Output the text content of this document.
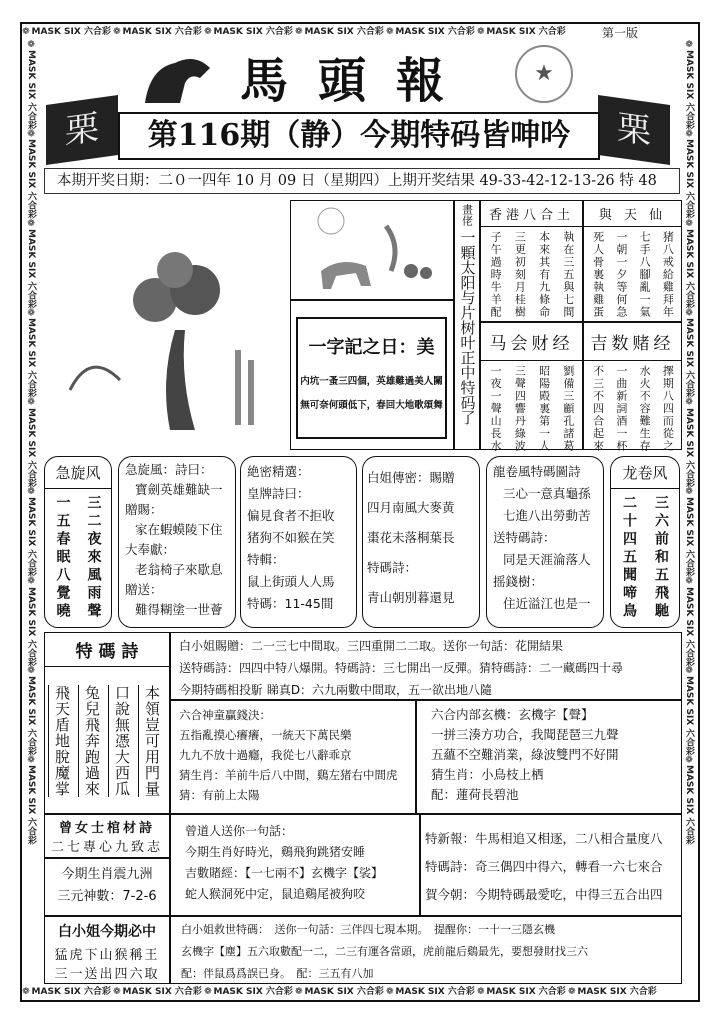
❁ MASK SIX 六合彩 ❁ MASK SIX 六合彩 ❁ MASK SIX 六合彩 ❁ MASK SIX 六合彩 ❁ MASK SIX 六合彩 ❁ MASK SIX 六合彩
❁ MASK SIX 六合彩 ❁ MASK SIX 六合彩 ❁ MASK SIX 六合彩 ❁ MASK SIX 六合彩 ❁ MASK SIX 六合彩 ❁ MASK SIX 六合彩 ❁ MASK SIX 六合彩
❁MASK SIX 六合彩❁MASK SIX 六合彩❁MASK SIX 六合彩❁MASK SIX 六合彩❁MASK SIX 六合彩❁MASK SIX 六合彩❁MASK SIX 六合彩❁MASK SIX 六合彩❁MASK SIX 六合彩
❁MASK SIX 六合彩❁MASK SIX 六合彩❁MASK SIX 六合彩❁MASK SIX 六合彩❁MASK SIX 六合彩❁MASK SIX 六合彩❁MASK SIX 六合彩❁MASK SIX 六合彩❁MASK SIX 六合彩
第一版
馬頭報	★
栗	栗
第116期（静）今期特码皆呻吟
本期开奖日期：二０一四年 10 月 09 日（星期四）上期开奖结果 49-33-42-12-13-26 特 48
一字記之日：美
内坑一蚤三四個，英雄難過美人關
無可奈何頭低下，春回大地歌頌舞
畫佬
一顆太阳与片树叶正中特码了
香港八合土
執在三五與七間
本來其有九條命
三更初刻月桂樹
子午過時牛羊配
與 天 仙
猪八戒給雞拜年
七手八腳亂一氣
一朝一夕等何急
死人骨裏執雞蛋
马会财经
劉備三顧孔諸葛
昭陽殿裏第一人
三聲四響丹綠波
一夜一聲山長水
吉数赌经
擇期八四而從之
水火不容難生存
一曲新詞酒一杯
不三不四合起來
急旋风
三二夜來風雨聲
一五春眠八覺曉
急旋風：詩曰：
寶劍英雄難缺一
贈賜：
家在蝦蟆陵下住
大奉獻：
老翁椅子來歇息
贈送：
難得糊塗一世薈
絶密精選：
皇牌詩曰：
偏見食者不拒收
猪狗不如猴在笑
特輯：
鼠上街頭人人馬
特碼：11-45間
白姐傳密：賜贈
四月南風大麥黄
棗花未落桐葉長
特碼詩：
青山朝別暮還見
龍卷風特碼圖詩
三心一意真龜孫
七進八出勞動苦
送特碼詩：
同是天涯淪落人
摇錢樹：
住近溢江也是一
龙卷风
三六前和五飛馳
二十四五聞啼鳥
特 碼 詩
本領豈可用門量
口說無憑大西瓜
兔兒飛奔跑過來
飛天盾地脫魔掌
白小姐賜贈：二一三七中間取。三四重開二二取。送你一句話：花開結果
送特碼詩：四四中特八爆開。特碼詩：三七開出一反彈。猜特碼詩：二一藏碼四十尋
今期特碼相投馸 睇真D：六九兩數中間取，五一欲出地八隨
六合神童贏錢決：
五指亂摸心癢癢，一統天下萬民樂
九九不放十過癮，我從七八辭乖京
猜生肖：羊前牛后八中間，鷄左猪右中間虎
猜：有前上太陽
六合内部玄機：玄機字【聲】
一拼三湊方功合，我聞琵琶三九聲
五蘊不空難消業，綠波雙門不好開
猜生肖：小鳥枝上栖
配：蓮荷長碧池
曾女士棺材詩
二七專心九致志
今期生肖震九洲
三元神數：7-2-6
白小姐今期必中
猛虎下山猴稱王
三一送出四六取
曾道人送你一句話：
今期生肖好時光，鷄飛狗跳猪安睡
吉數賭經：【一七兩不】玄機字【裟】
蛇人猴洞死中定，鼠追鷄尾被狗咬
特新報：牛馬相追又相逐，二八相合量度八
特碼詩：奇三偶四中得六，轉看一六七來合
賀今朝：今期特碼最愛吃，中得三五合出四
白小姐救世特碼：　送你一句話：三伴四七現本期。　提醒你：一十一三隱玄機
玄機字【塵】五六取數配一二，二三有運各當頭，虎前龍后鷄最先，要想發財找三六
配：伴鼠爲爲誤已身。　配：三五有八加
